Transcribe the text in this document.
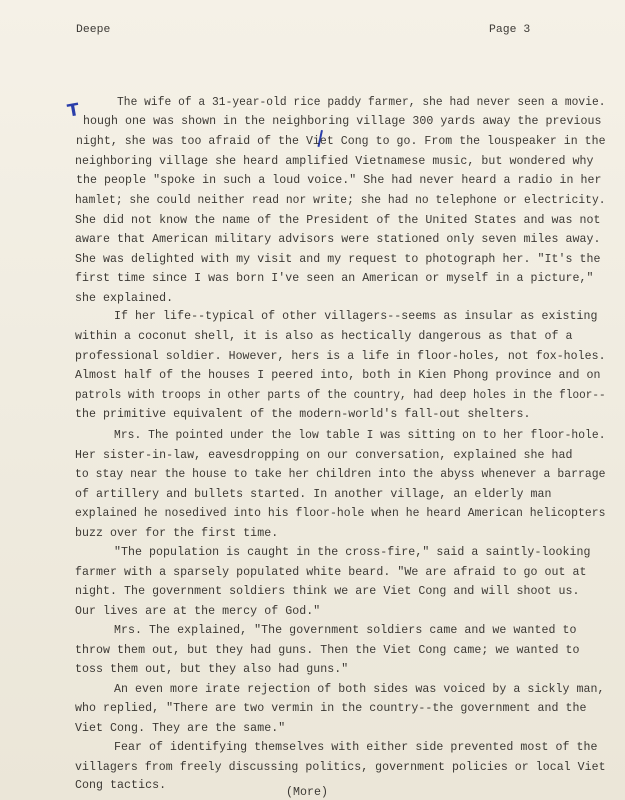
Deepe	Page 3
T	The wife of a 31-year-old rice paddy farmer, she had never seen a movie.
hough one was shown in the neighboring village 300 yards away the previous
night, she was too afraid of the Viet Cong to go. From the louspeaker in the
neighboring village she heard amplified Vietnamese music, but wondered why
the people "spoke in such a loud voice." She had never heard a radio in her
hamlet; she could neither read nor write; she had no telephone or electricity.
She did not know the name of the President of the United States and was not
aware that American military advisors were stationed only seven miles away.
She was delighted with my visit and my request to photograph her. "It's the
first time since I was born I've seen an American or myself in a picture,"
she explained.
If her life--typical of other villagers--seems as insular as existing
within a coconut shell, it is also as hectically dangerous as that of a
professional soldier. However, hers is a life in floor-holes, not fox-holes.
Almost half of the houses I peered into, both in Kien Phong province and on
patrols with troops in other parts of the country, had deep holes in the floor--
the primitive equivalent of the modern-world's fall-out shelters.
Mrs. The pointed under the low table I was sitting on to her floor-hole.
Her sister-in-law, eavesdropping on our conversation, explained she had
to stay near the house to take her children into the abyss whenever a barrage
of artillery and bullets started. In another village, an elderly man
explained he nosedived into his floor-hole when he heard American helicopters
buzz over for the first time.
"The population is caught in the cross-fire," said a saintly-looking
farmer with a sparsely populated white beard. "We are afraid to go out at
night. The government soldiers think we are Viet Cong and will shoot us.
Our lives are at the mercy of God."
Mrs. The explained, "The government soldiers came and we wanted to
throw them out, but they had guns. Then the Viet Cong came; we wanted to
toss them out, but they also had guns."
An even more irate rejection of both sides was voiced by a sickly man,
who replied, "There are two vermin in the country--the government and the
Viet Cong. They are the same."
Fear of identifying themselves with either side prevented most of the
villagers from freely discussing politics, government policies or local Viet
Cong tactics.
(More)
